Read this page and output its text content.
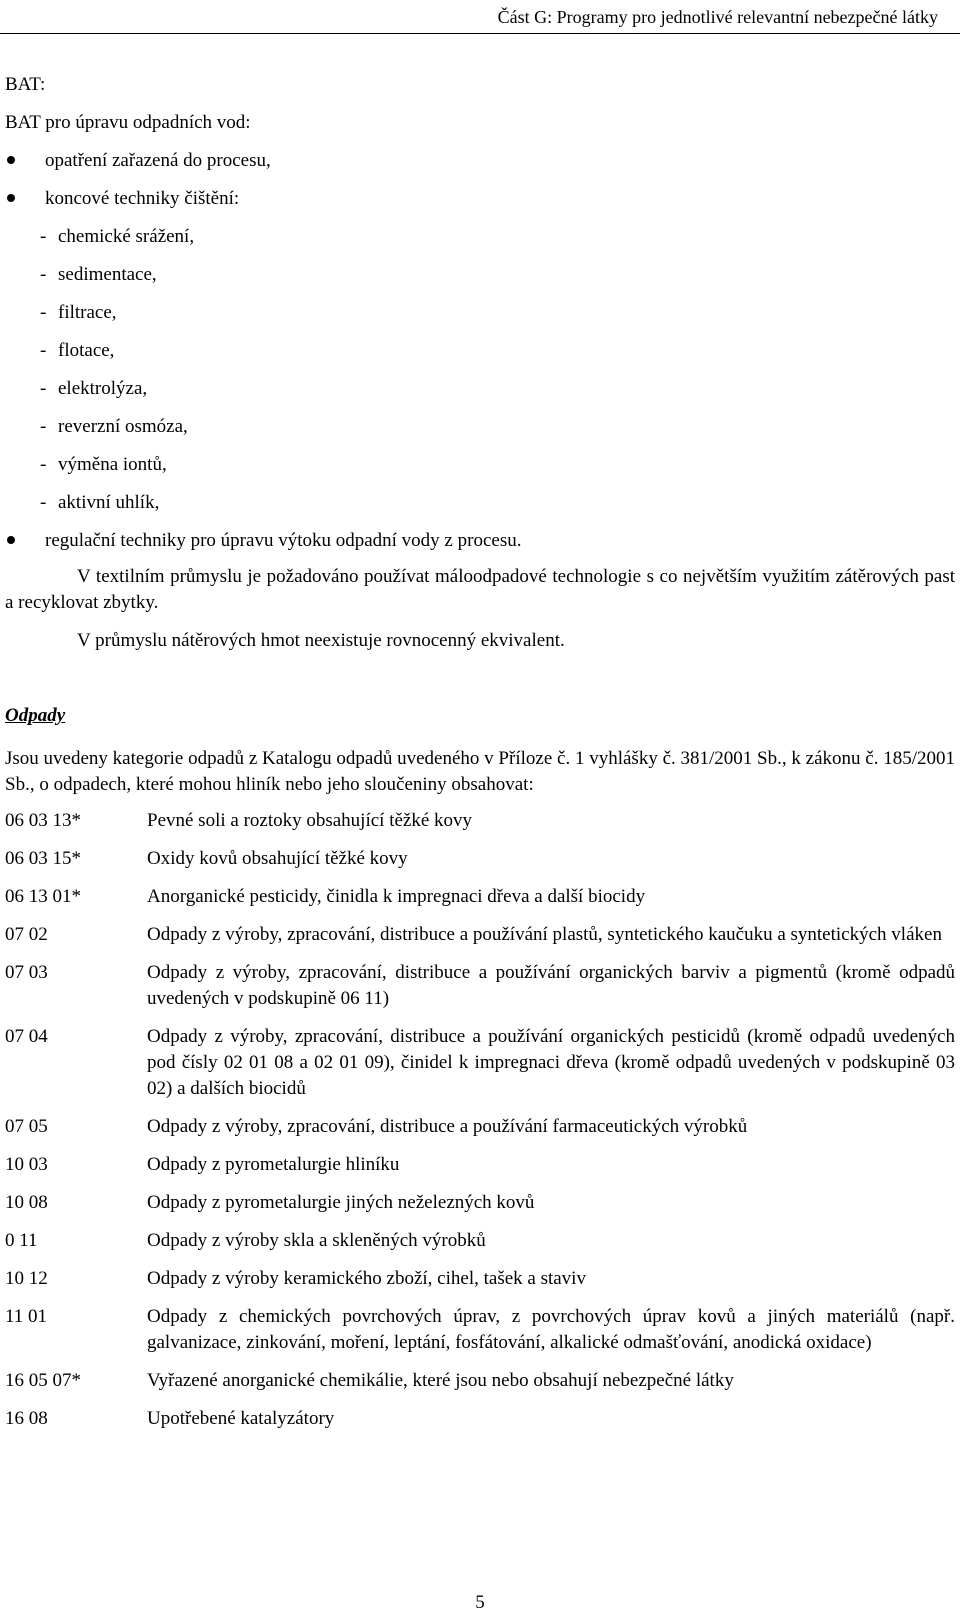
Část G: Programy pro jednotlivé relevantní nebezpečné látky

BAT:

BAT pro úpravu odpadních vod:

opatření zařazená do procesu,
koncové techniky čištění:
- chemické srážení,
- sedimentace,
- filtrace,
- flotace,
- elektrolýza,
- reverzní osmóza,
- výměna iontů,
- aktivní uhlík,
regulační techniky pro úpravu výtoku odpadní vody z procesu.

V textilním průmyslu je požadováno používat máloodpadové technologie s co největším využitím zátěrových past a recyklovat zbytky.

V průmyslu nátěrových hmot neexistuje rovnocenný ekvivalent.

Odpady

Jsou uvedeny kategorie odpadů z Katalogu odpadů uvedeného v Příloze č. 1 vyhlášky č. 381/2001 Sb., k zákonu č. 185/2001 Sb., o odpadech, které mohou hliník nebo jeho sloučeniny obsahovat:

06 03 13*	Pevné soli a roztoky obsahující těžké kovy
06 03 15*	Oxidy kovů obsahující těžké kovy
06 13 01*	Anorganické pesticidy, činidla k impregnaci dřeva a další biocidy
07 02	Odpady z výroby, zpracování, distribuce a používání plastů, syntetického kaučuku a syntetických vláken
07 03	Odpady z výroby, zpracování, distribuce a používání organických barviv a pigmentů (kromě odpadů uvedených v podskupině 06 11)
07 04	Odpady z výroby, zpracování, distribuce a používání organických pesticidů (kromě odpadů uvedených pod čísly 02 01 08 a 02 01 09), činidel k impregnaci dřeva (kromě odpadů uvedených v podskupině 03 02) a dalších biocidů
07 05	Odpady z výroby, zpracování, distribuce a používání farmaceutických výrobků
10 03	Odpady z pyrometalurgie hliníku
10 08	Odpady z pyrometalurgie jiných neželezných kovů
0 11	Odpady z výroby skla a skleněných výrobků
10 12	Odpady z výroby keramického zboží, cihel, tašek a staviv
11 01	Odpady z chemických povrchových úprav, z povrchových úprav kovů a jiných materiálů (např. galvanizace, zinkování, moření, leptání, fosfátování, alkalické odmašťování, anodická oxidace)
16 05 07*	Vyřazené anorganické chemikálie, které jsou nebo obsahují nebezpečné látky
16 08	Upotřebené katalyzátory
5
